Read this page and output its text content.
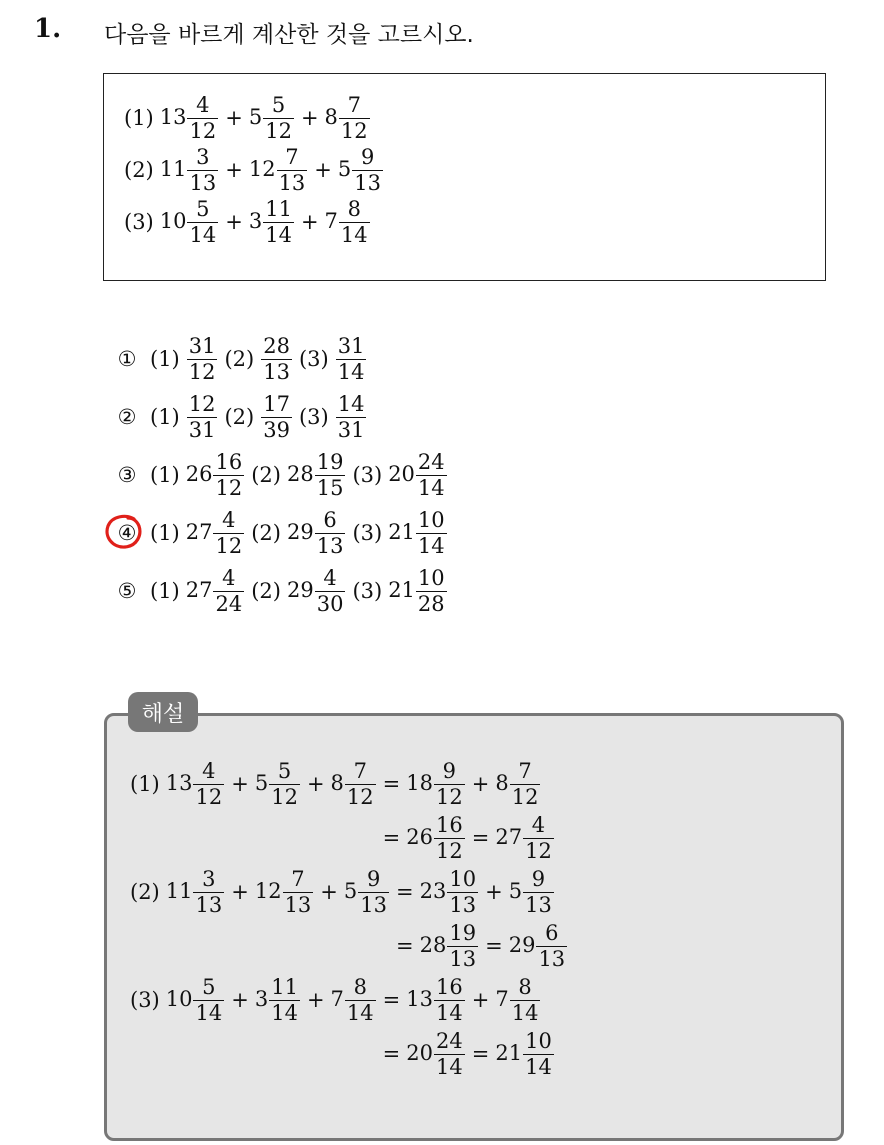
1. 다음을 바르게 계산한 것을 고르시오.
(1) $13 \frac{4}{12} + 5 \frac{5}{12} + 8 \frac{7}{12}$
(2) $11 \frac{3}{13} + 12 \frac{7}{13} + 5 \frac{9}{13}$
(3) $10 \frac{5}{14} + 3 \frac{11}{14} + 7 \frac{8}{14}$
① $(1) \frac{31}{12} (2) \frac{28}{13} (3) \frac{31}{14}$
② $(1) \frac{12}{31} (2) \frac{17}{39} (3) \frac{14}{31}$
③ (1) $26 \frac{16}{12} (2)$ $28 \frac{19}{15} (3)$ $20 \frac{24}{14}$
④ (1) $27 \frac{4}{12} (2)$ $29 \frac{6}{13} (3)$ $21 \frac{10}{14}$
⑤ (1) $27 \frac{4}{24} (2)$ $29 \frac{4}{30} (3)$ $21 \frac{10}{28}$
해설
(1) $13 \frac{4}{12} + 5 \frac{5}{12} + 8 \frac{7}{12} = 18 \frac{9}{12} + 8 \frac{7}{12}$
= $26 \frac{16}{12} = 27 \frac{4}{12}$
(2) $11 \frac{3}{13} + 12 \frac{7}{13} + 5 \frac{9}{13} = 23 \frac{10}{13} + 5 \frac{9}{13}$
= $28 \frac{19}{13} = 29 \frac{6}{13}$
(3) $10 \frac{5}{14} + 3 \frac{11}{14} + 7 \frac{8}{14} = 13 \frac{16}{14} + 7 \frac{8}{14}$
= $20 \frac{24}{14} = 21 \frac{10}{14}$
